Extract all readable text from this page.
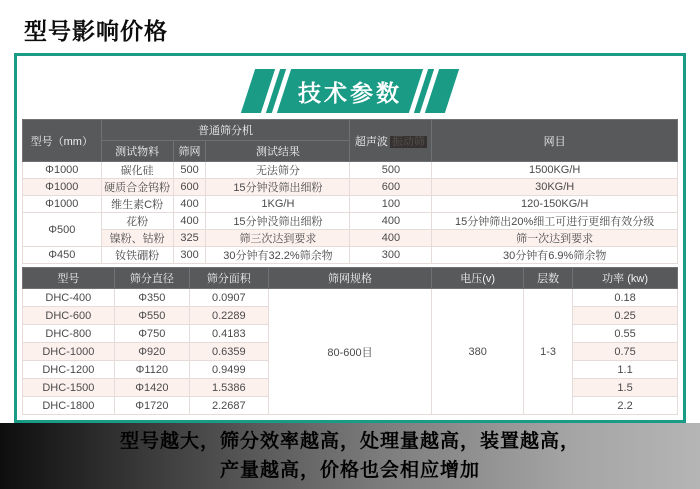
型号影响价格
技术参数
型号（mm）	普通筛分机			超声波 振动筛	网目
	测试物料	筛网	测试结果		
Φ1000	碳化硅	500	无法筛分	500	1500KG/H
Φ1000	硬质合金钨粉	600	15分钟没筛出细粉	600	30KG/H
Φ1000	维生素C粉	400	1KG/H	100	120-150KG/H
Φ500	花粉	400	15分钟没筛出细粉	400	15分钟筛出20%细工可进行更细有效分级
	镍粉、钴粉	325	筛三次达到要求	400	筛一次达到要求
Φ450	钕铁硼粉	300	30分钟有32.2%筛余物	300	30分钟有6.9%筛余物
型号	筛分直径	筛分面积	筛网规格	电压(v)	层数	功率 (kw)
DHC-400	Φ350	0.0907	80-600目	380	1-3	0.18
DHC-600	Φ550	0.2289				0.25
DHC-800	Φ750	0.4183				0.55
DHC-1000	Φ920	0.6359				0.75
DHC-1200	Φ1120	0.9499				1.1
DHC-1500	Φ1420	1.5386				1.5
DHC-1800	Φ1720	2.2687				2.2
型号越大，筛分效率越高，处理量越高，装置越高，
产量越高，价格也会相应增加
